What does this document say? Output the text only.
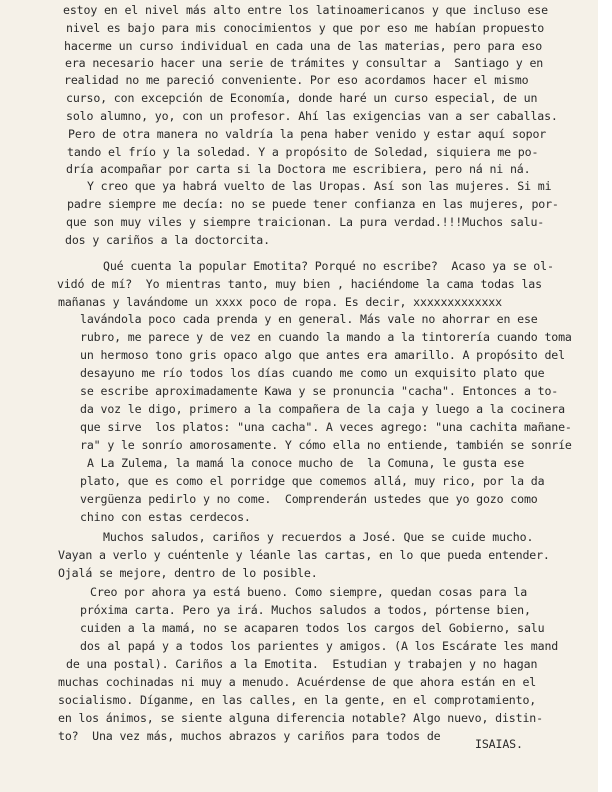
estoy en el nivel más alto entre los latinoamericanos y que incluso ese
nivel es bajo para mis conocimientos y que por eso me habían propuesto
hacerme un curso individual en cada una de las materias, pero para eso
era necesario hacer una serie de trámites y consultar a  Santiago y en
realidad no me pareció conveniente. Por eso acordamos hacer el mismo
curso, con excepción de Economía, donde haré un curso especial, de un
solo alumno, yo, con un profesor. Ahí las exigencias van a ser caballas.
Pero de otra manera no valdría la pena haber venido y estar aquí sopor
tando el frío y la soledad. Y a propósito de Soledad, siquiera me po-
dría acompañar por carta si la Doctora me escribiera, pero ná ni ná.
Y creo que ya habrá vuelto de las Uropas. Así son las mujeres. Si mi
padre siempre me decía: no se puede tener confianza en las mujeres, por-
que son muy viles y siempre traicionan. La pura verdad.!!!Muchos salu-
dos y cariños a la doctorcita.
Qué cuenta la popular Emotita? Porqué no escribe?  Acaso ya se ol-
vidó de mí?  Yo mientras tanto, muy bien , haciéndome la cama todas las
mañanas y lavándome un xxxx poco de ropa. Es decir, xxxxxxxxxxxxx
lavándola poco cada prenda y en general. Más vale no ahorrar en ese
rubro, me parece y de vez en cuando la mando a la tintorería cuando toma
un hermoso tono gris opaco algo que antes era amarillo. A propósito del
desayuno me río todos los días cuando me como un exquisito plato que
se escribe aproximadamente Kawa y se pronuncia "cacha". Entonces a to-
da voz le digo, primero a la compañera de la caja y luego a la cocinera
que sirve  los platos: "una cacha". A veces agrego: "una cachita mañane-
ra" y le sonrío amorosamente. Y cómo ella no entiende, también se sonríe
A La Zulema, la mamá la conoce mucho de  la Comuna, le gusta ese
plato, que es como el porridge que comemos allá, muy rico, por la da
vergüenza pedirlo y no come.  Comprenderán ustedes que yo gozo como
chino con estas cerdecos.
Muchos saludos, cariños y recuerdos a José. Que se cuide mucho.
Vayan a verlo y cuéntenle y léanle las cartas, en lo que pueda entender.
Ojalá se mejore, dentro de lo posible.
Creo por ahora ya está bueno. Como siempre, quedan cosas para la
próxima carta. Pero ya irá. Muchos saludos a todos, pórtense bien,
cuiden a la mamá, no se acaparen todos los cargos del Gobierno, salu
dos al papá y a todos los parientes y amigos. (A los Escárate les mand
de una postal). Cariños a la Emotita.  Estudian y trabajen y no hagan
muchas cochinadas ni muy a menudo. Acuérdense de que ahora están en el
socialismo. Díganme, en las calles, en la gente, en el comprotamiento,
en los ánimos, se siente alguna diferencia notable? Algo nuevo, distin-
to?  Una vez más, muchos abrazos y cariños para todos de
ISAIAS.
